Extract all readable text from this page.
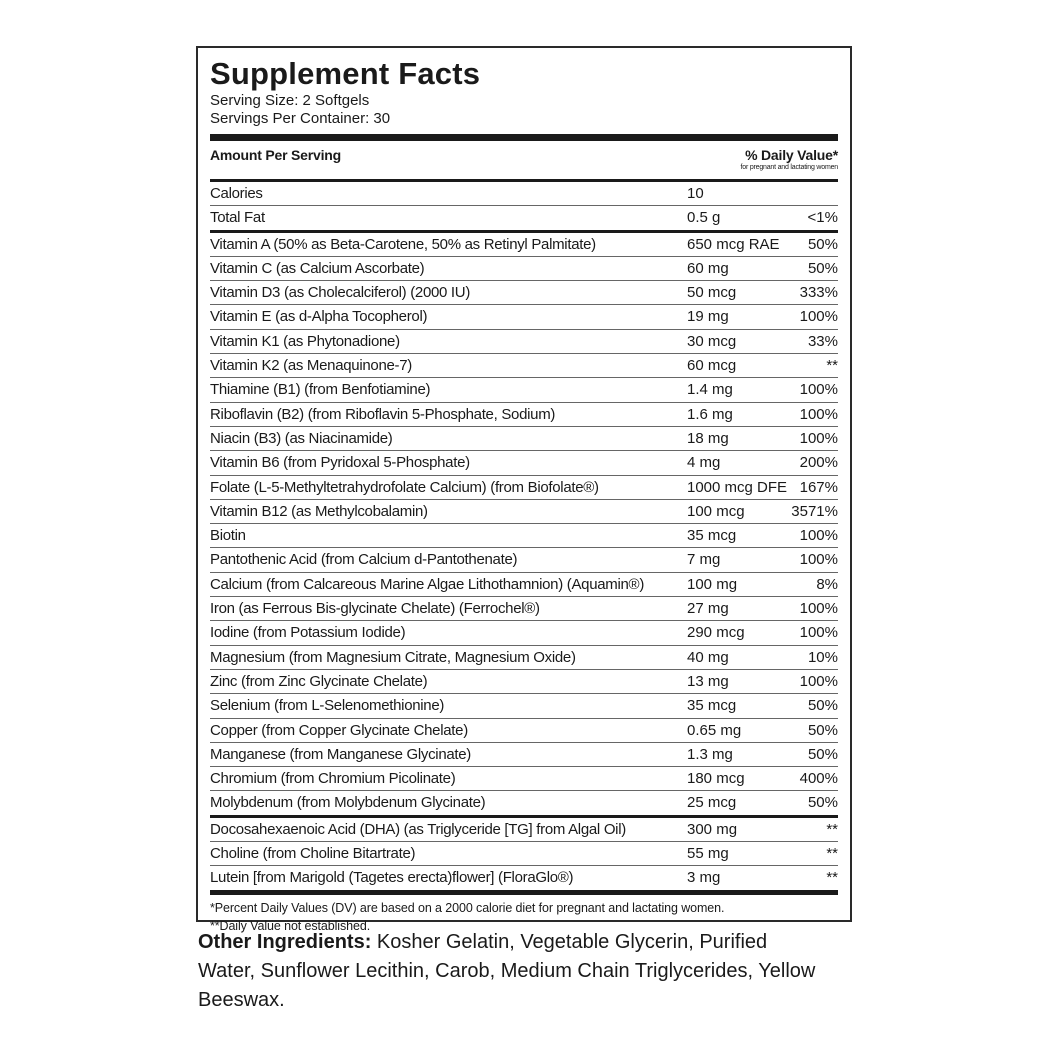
Supplement Facts
Serving Size: 2 Softgels
Servings Per Container: 30
Amount Per Serving	% Daily Value*
for pregnant and lactating women
Calories	10
Total Fat	0.5 g	<1%
Vitamin A (50% as Beta-Carotene, 50% as Retinyl Palmitate)	650 mcg RAE 50%
Vitamin C (as Calcium Ascorbate)	60 mg	50%
Vitamin D3 (as Cholecalciferol) (2000 IU)	50 mcg	333%
Vitamin E (as d-Alpha Tocopherol)	19 mg	100%
Vitamin K1 (as Phytonadione)	30 mcg	33%
Vitamin K2 (as Menaquinone-7)	60 mcg	**
Thiamine (B1) (from Benfotiamine)	1.4 mg	100%
Riboflavin (B2) (from Riboflavin 5-Phosphate, Sodium)	1.6 mg	100%
Niacin (B3) (as Niacinamide)	18 mg	100%
Vitamin B6 (from Pyridoxal 5-Phosphate)	4 mg	200%
Folate (L-5-Methyltetrahydrofolate Calcium) (from Biofolate®)	1000 mcg DFE 167%
Vitamin B12 (as Methylcobalamin)	100 mcg	3571%
Biotin	35 mcg	100%
Pantothenic Acid (from Calcium d-Pantothenate)	7 mg	100%
Calcium (from Calcareous Marine Algae Lithothamnion) (Aquamin®)	100 mg	8%
Iron (as Ferrous Bis-glycinate Chelate) (Ferrochel®)	27 mg	100%
Iodine (from Potassium Iodide)	290 mcg	100%
Magnesium (from Magnesium Citrate, Magnesium Oxide)	40 mg	10%
Zinc (from Zinc Glycinate Chelate)	13 mg	100%
Selenium (from L-Selenomethionine)	35 mcg	50%
Copper (from Copper Glycinate Chelate)	0.65 mg	50%
Manganese (from Manganese Glycinate)	1.3 mg	50%
Chromium (from Chromium Picolinate)	180 mcg	400%
Molybdenum (from Molybdenum Glycinate)	25 mcg	50%
Docosahexaenoic Acid (DHA) (as Triglyceride [TG] from Algal Oil)	300 mg	**
Choline (from Choline Bitartrate)	55 mg	**
Lutein [from Marigold (Tagetes erecta)flower] (FloraGlo®)	3 mg	**
*Percent Daily Values (DV) are based on a 2000 calorie diet for pregnant and lactating women.
**Daily Value not established.
Other Ingredients: Kosher Gelatin, Vegetable Glycerin, Purified Water, Sunflower Lecithin, Carob, Medium Chain Triglycerides, Yellow Beeswax.
